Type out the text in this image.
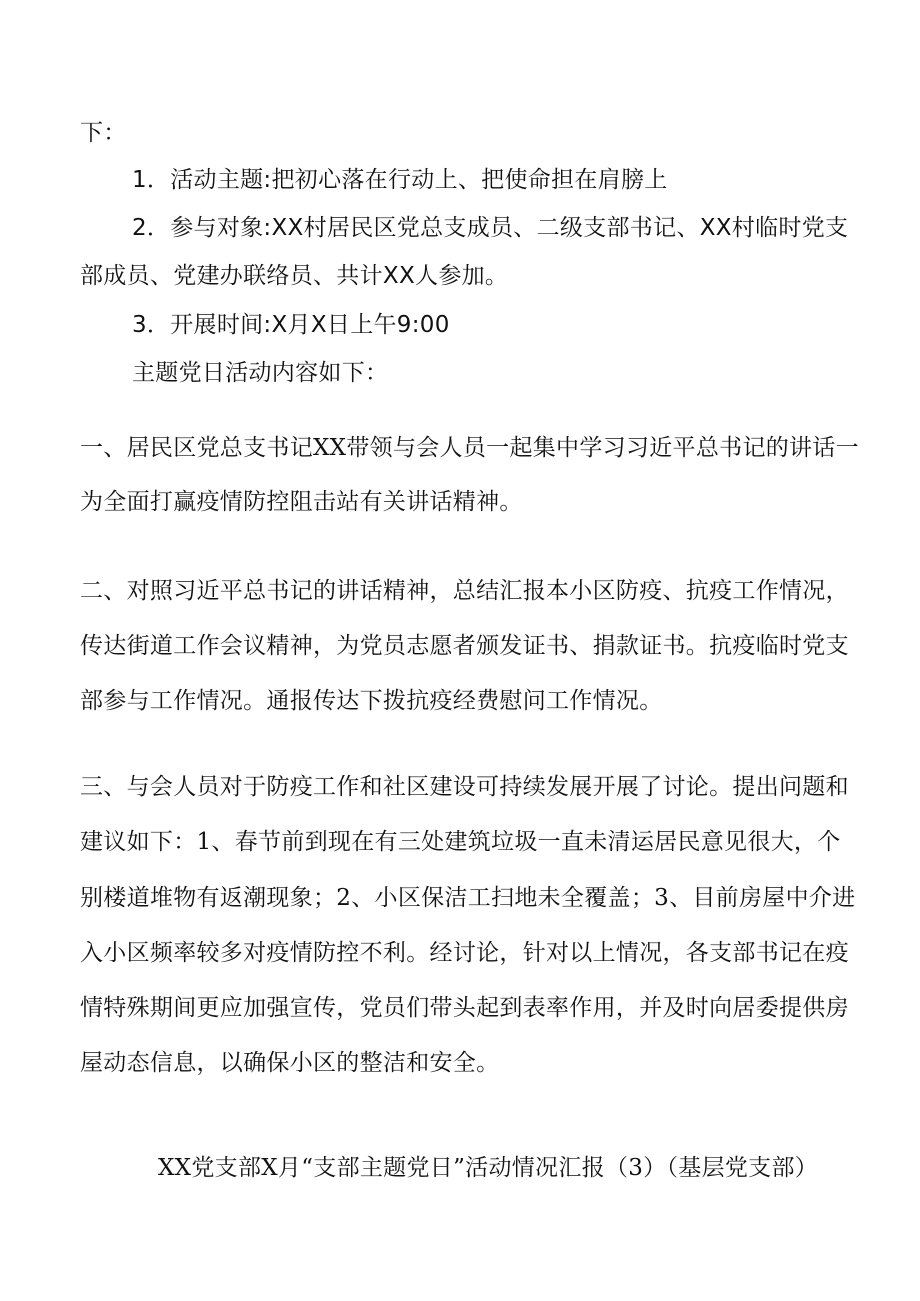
下：
1．活动主题:把初心落在行动上、把使命担在肩膀上
2．参与对象:XX村居民区党总支成员、二级支部书记、XX村临时党支
部成员、党建办联络员、共计XX人参加。
3．开展时间:X月X日上午9:00
主题党日活动内容如下：
一、居民区党总支书记XX带领与会人员一起集中学习习近平总书记的讲话一
为全面打赢疫情防控阻击站有关讲话精神。
二、对照习近平总书记的讲话精神，总结汇报本小区防疫、抗疫工作情况，
传达街道工作会议精神，为党员志愿者颁发证书、捐款证书。抗疫临时党支
部参与工作情况。通报传达下拨抗疫经费慰问工作情况。
三、与会人员对于防疫工作和社区建设可持续发展开展了讨论。提出问题和
建议如下：1、春节前到现在有三处建筑垃圾一直未清运居民意见很大，个
别楼道堆物有返潮现象；2、小区保洁工扫地未全覆盖；3、目前房屋中介进
入小区频率较多对疫情防控不利。经讨论，针对以上情况，各支部书记在疫
情特殊期间更应加强宣传，党员们带头起到表率作用，并及时向居委提供房
屋动态信息，以确保小区的整洁和安全。
XX党支部X月“支部主题党日”活动情况汇报（3）（基层党支部）
